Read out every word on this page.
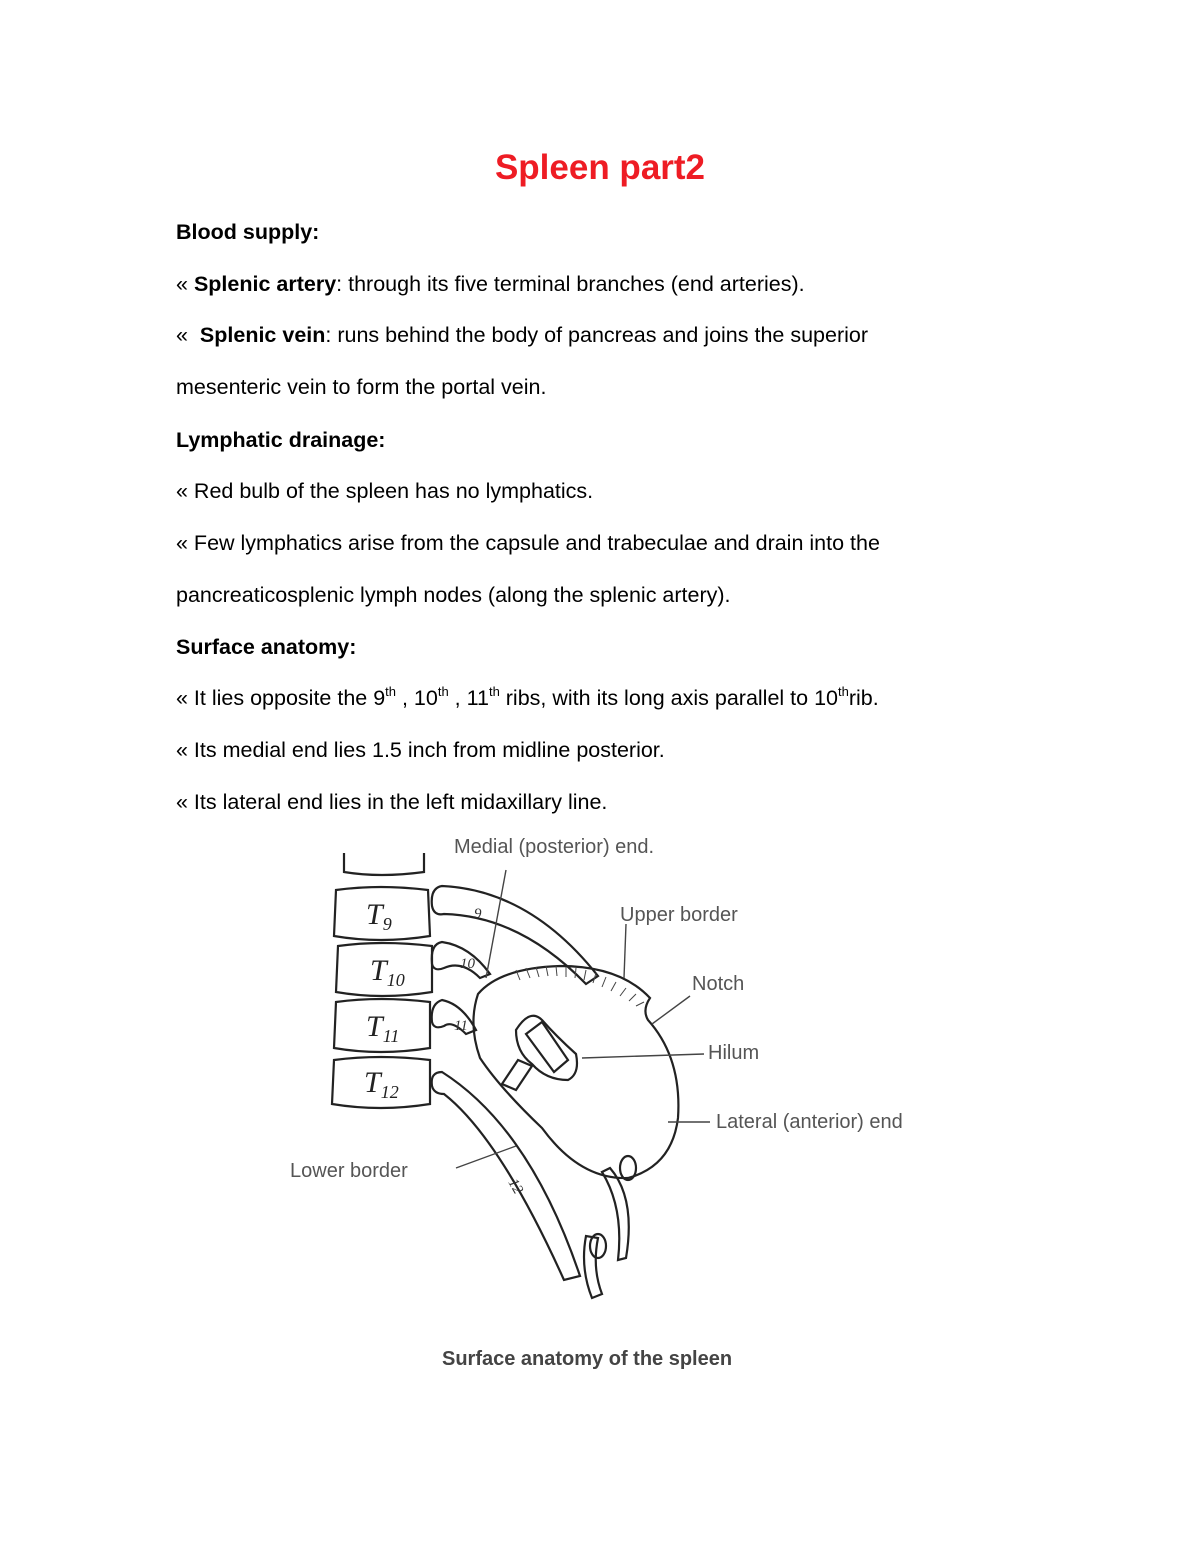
Spleen part2
Blood supply:
« Splenic artery: through its five terminal branches (end arteries).
« Splenic vein: runs behind the body of pancreas and joins the superior
mesenteric vein to form the portal vein.
Lymphatic drainage:
« Red bulb of the spleen has no lymphatics.
« Few lymphatics arise from the capsule and trabeculae and drain into the
pancreaticosplenic lymph nodes (along the splenic artery).
Surface anatomy:
« It lies opposite the 9th , 10th , 11th ribs, with its long axis parallel to 10thrib.
« Its medial end lies 1.5 inch from midline posterior.
« Its lateral end lies in the left midaxillary line.
$T_9$
$T_{10}$
$T_{11}$
$T_{12}$
9
10
11
12
Medial (posterior) end.
Upper border
Notch
Hilum
Lateral (anterior) end
Lower border
Surface anatomy of the spleen
